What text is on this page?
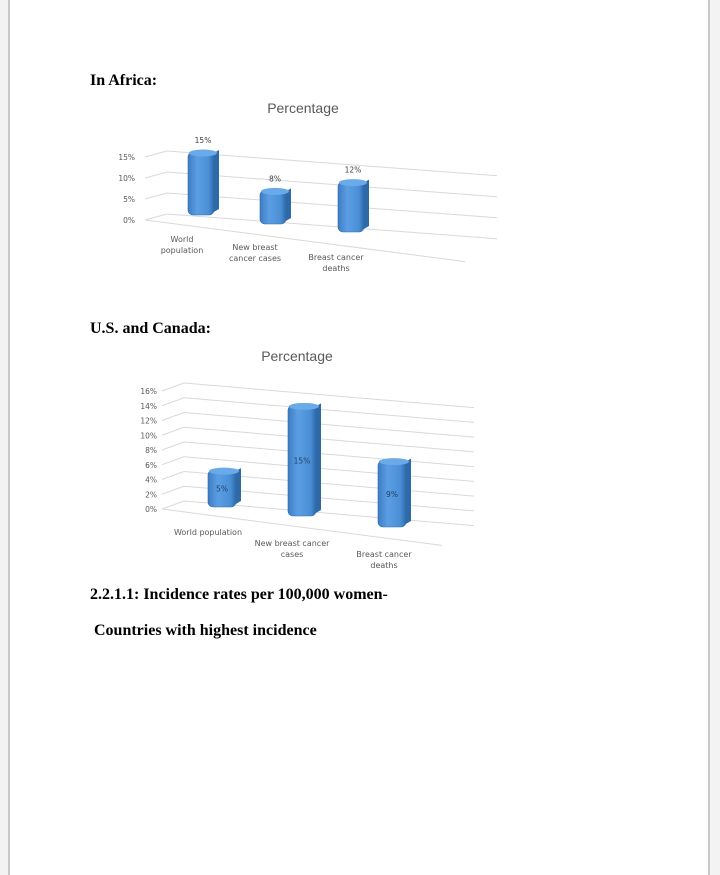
In Africa:
Percentage
0%
5%
10%
15%
15%
8%
12%
World
population	New breast
cancer cases	Breast cancer
deaths
U.S. and Canada:
Percentage
0%
2%
4%
6%
8%
10%
12%
14%
16%
5%
15%
9%
World population
New breast cancer
cases	Breast cancer
deaths
2.2.1.1: Incidence rates per 100,000 women-
Countries with highest incidence
